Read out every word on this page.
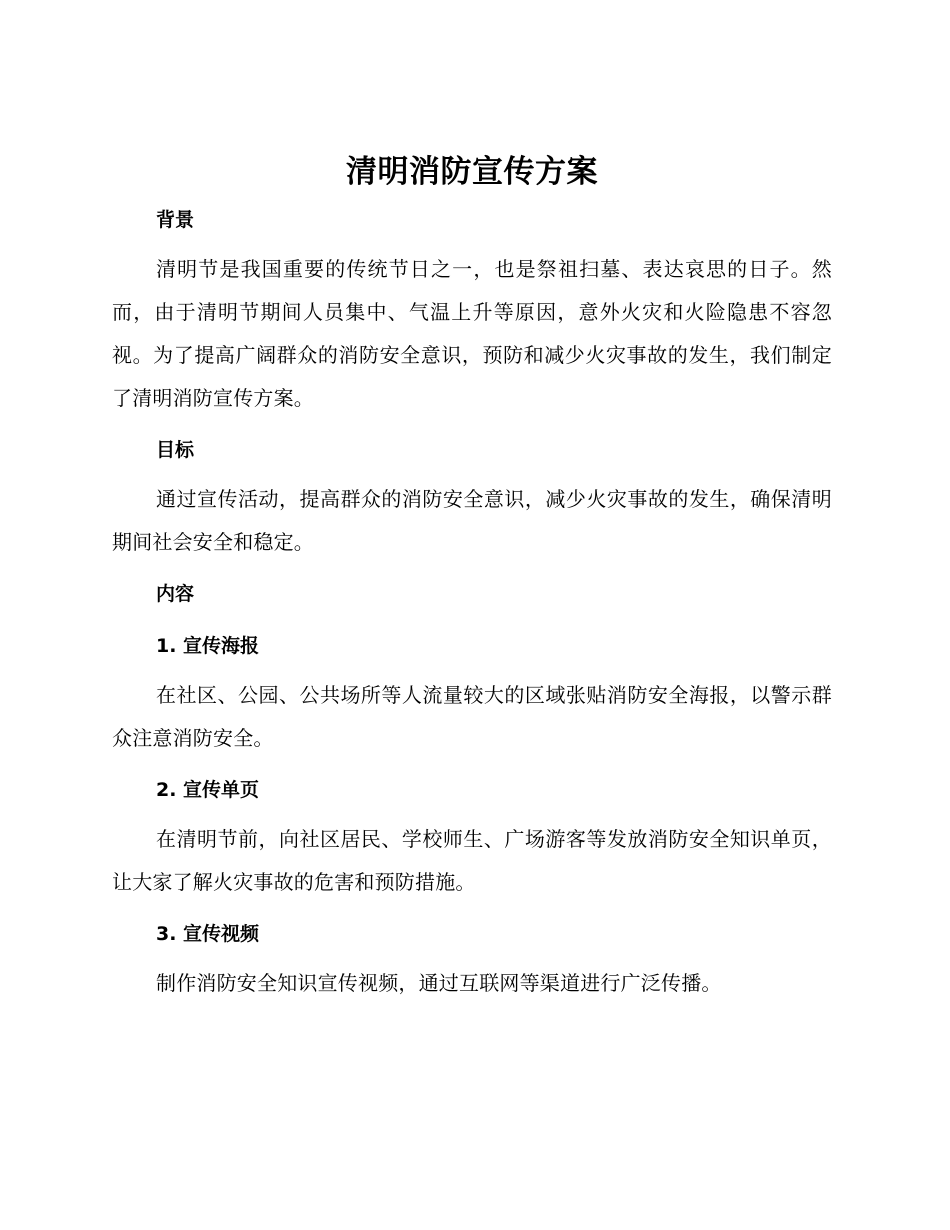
清明消防宣传方案
背景

清明节是我国重要的传统节日之一，也是祭祖扫墓、表达哀思的日子。然而，由于清明节期间人员集中、气温上升等原因，意外火灾和火险隐患不容忽视。为了提高广阔群众的消防安全意识，预防和减少火灾事故的发生，我们制定了清明消防宣传方案。

目标

通过宣传活动，提高群众的消防安全意识，减少火灾事故的发生，确保清明期间社会安全和稳定。

内容
1. 宣传海报

在社区、公园、公共场所等人流量较大的区域张贴消防安全海报，以警示群众注意消防安全。

2. 宣传单页

在清明节前，向社区居民、学校师生、广场游客等发放消防安全知识单页，让大家了解火灾事故的危害和预防措施。

3. 宣传视频

制作消防安全知识宣传视频，通过互联网等渠道进行广泛传播。
